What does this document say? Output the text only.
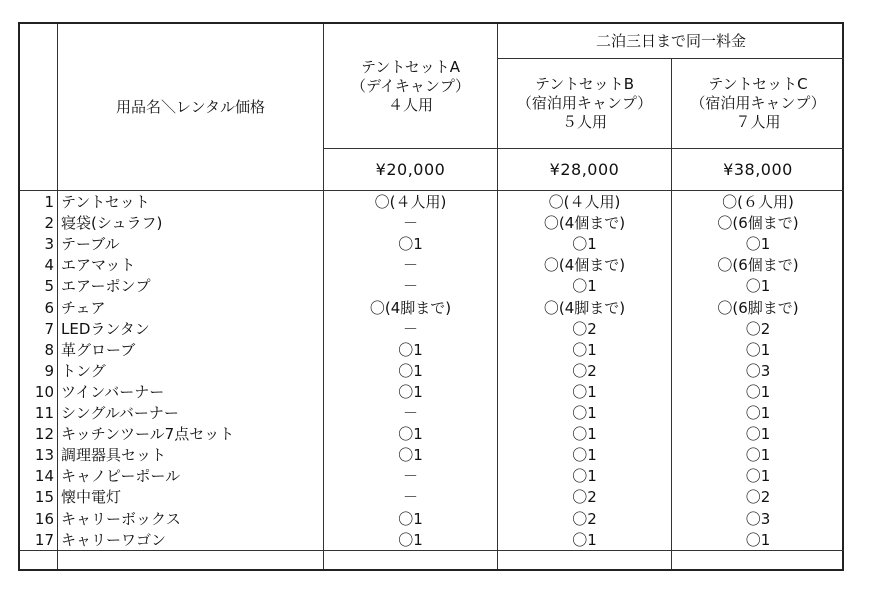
用品名＼レンタル価格
二泊三日まで同一料金
テントセットA
（デイキャンプ）
４人用
テントセットB
（宿泊用キャンプ）
５人用
テントセットC
（宿泊用キャンプ）
７人用
¥20,000	¥28,000	¥38,000
1 テントセット	〇(４人用)	〇(４人用)	〇(６人用)
2 寝袋(シュラフ)	－	〇(4個まで)	〇(6個まで)
3 テーブル	〇1	〇1	〇1
4 エアマット	－	〇(4個まで)	〇(6個まで)
5 エアーポンプ	－	〇1	〇1
6 チェア	〇(4脚まで)	〇(4脚まで)	〇(6脚まで)
7 LEDランタン	－	〇2	〇2
8 革グローブ	〇1	〇1	〇1
9 トング	〇1	〇2	〇3
10 ツインバーナー	〇1	〇1	〇1
11 シングルバーナー	－	〇1	〇1
12 キッチンツール7点セット	〇1	〇1	〇1
13 調理器具セット	〇1	〇1	〇1
14 キャノピーポール	－	〇1	〇1
15 懐中電灯	－	〇2	〇2
16 キャリーボックス	〇1	〇2	〇3
17 キャリーワゴン	〇1	〇1	〇1
